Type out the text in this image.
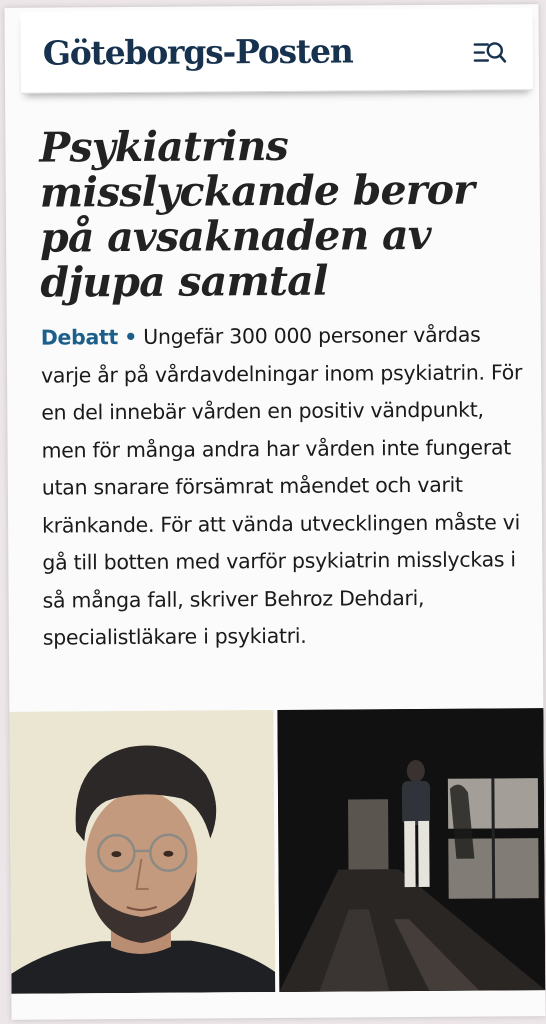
Göteborgs-Posten
Psykiatrins misslyckande beror på avsaknaden av djupa samtal

Debatt • Ungefär 300 000 personer vårdas varje år på vårdavdelningar inom psykiatrin. För en del innebär vården en positiv vändpunkt, men för många andra har vården inte fungerat utan snarare försämrat måendet och varit kränkande. För att vända utvecklingen måste vi gå till botten med varför psykiatrin misslyckas i så många fall, skriver Behroz Dehdari, specialistläkare i psykiatri.
